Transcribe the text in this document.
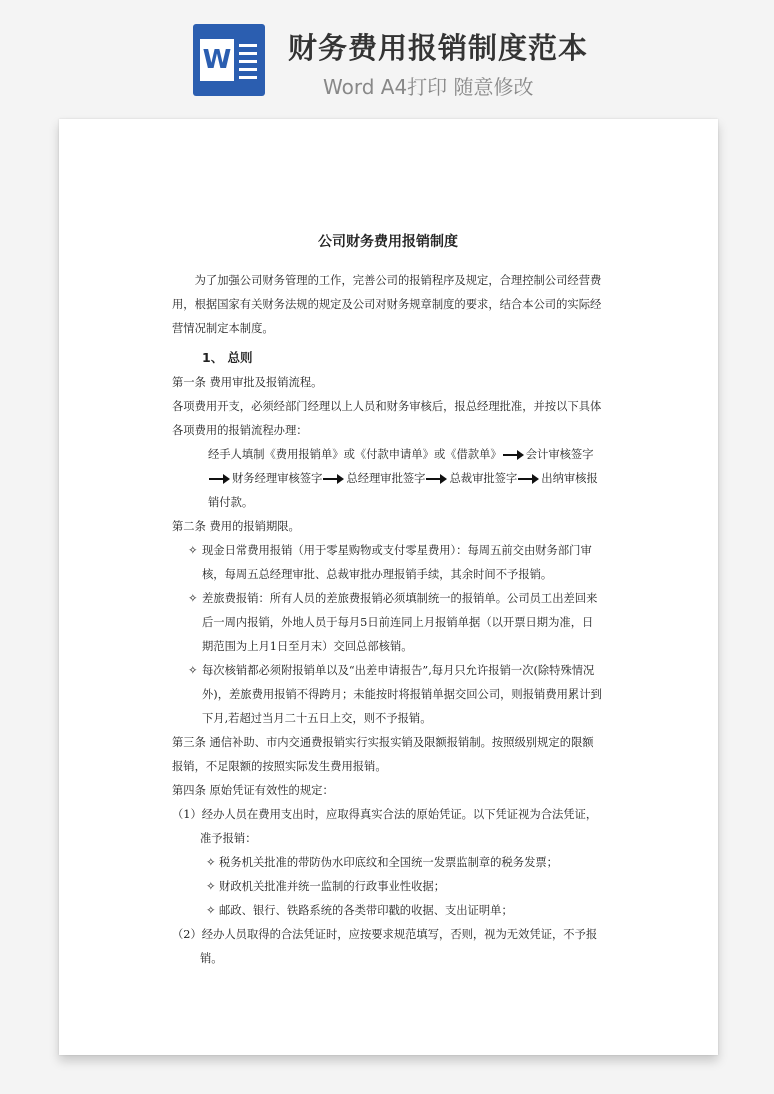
W 财务费用报销制度范本
Word A4打印 随意修改
公司财务费用报销制度
为了加强公司财务管理的工作，完善公司的报销程序及规定，合理控制公司经营费用，根据国家有关财务法规的规定及公司对财务规章制度的要求，结合本公司的实际经营情况制定本制度。
1、 总则
第一条 费用审批及报销流程。
各项费用开支，必须经部门经理以上人员和财务审核后，报总经理批准，并按以下具体各项费用的报销流程办理：
经手人填制《费用报销单》或《付款申请单》或《借款单》 会计审核签字财务经理审核签字 总经理审批签字 总裁审批签字 出纳审核报销付款。
第二条 费用的报销期限。
✧ 现金日常费用报销（用于零星购物或支付零星费用）：每周五前交由财务部门审核，每周五总经理审批、总裁审批办理报销手续，其余时间不予报销。
✧ 差旅费报销：所有人员的差旅费报销必须填制统一的报销单。公司员工出差回来后一周内报销，外地人员于每月5日前连同上月报销单据（以开票日期为准，日期范围为上月1日至月末）交回总部核销。
✧ 每次核销都必须附报销单以及“出差申请报告”,每月只允许报销一次(除特殊情况外)，差旅费用报销不得跨月；未能按时将报销单据交回公司，则报销费用累计到下月,若超过当月二十五日上交，则不予报销。
第三条 通信补助、市内交通费报销实行实报实销及限额报销制。按照级别规定的限额报销，不足限额的按照实际发生费用报销。
第四条 原始凭证有效性的规定：
（1）经办人员在费用支出时，应取得真实合法的原始凭证。以下凭证视为合法凭证，准予报销：
✧ 税务机关批准的带防伪水印底纹和全国统一发票监制章的税务发票；
✧ 财政机关批准并统一监制的行政事业性收据；
✧ 邮政、银行、铁路系统的各类带印戳的收据、支出证明单；
（2）经办人员取得的合法凭证时，应按要求规范填写，否则，视为无效凭证，不予报销。
